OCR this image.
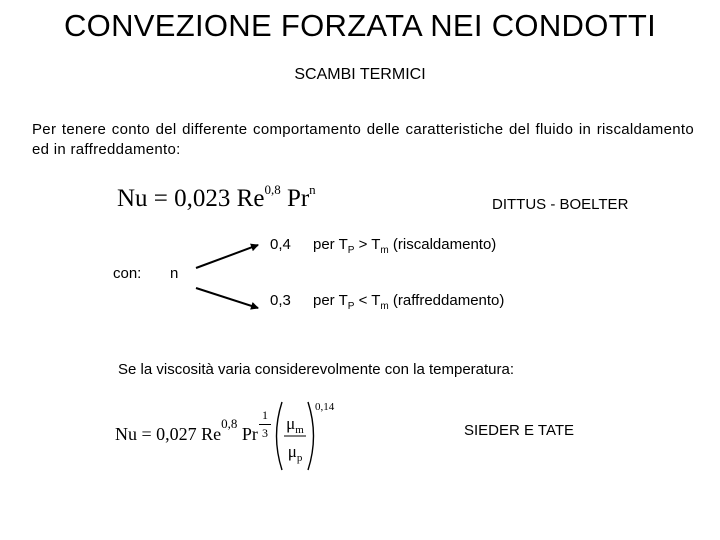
CONVEZIONE FORZATA NEI CONDOTTI
SCAMBI TERMICI
Per tenere conto del differente comportamento delle caratteristiche del fluido in riscaldamento ed in raffreddamento:
Nu = 0,023 Re$^{0,8}$ Pr$^n$
DITTUS - BOELTER
0,4 per $T_P > T_m$ (riscaldamento)
con: n
0,3 per $T_P < T_m$ (raffreddamento)
Se la viscosità varia considerevolmente con la temperatura:
Nu = 0,027 Re$^{0,8}$ Pr
1
3 $\mu_m$
$\mu_p$
0,14
SIEDER E TATE
